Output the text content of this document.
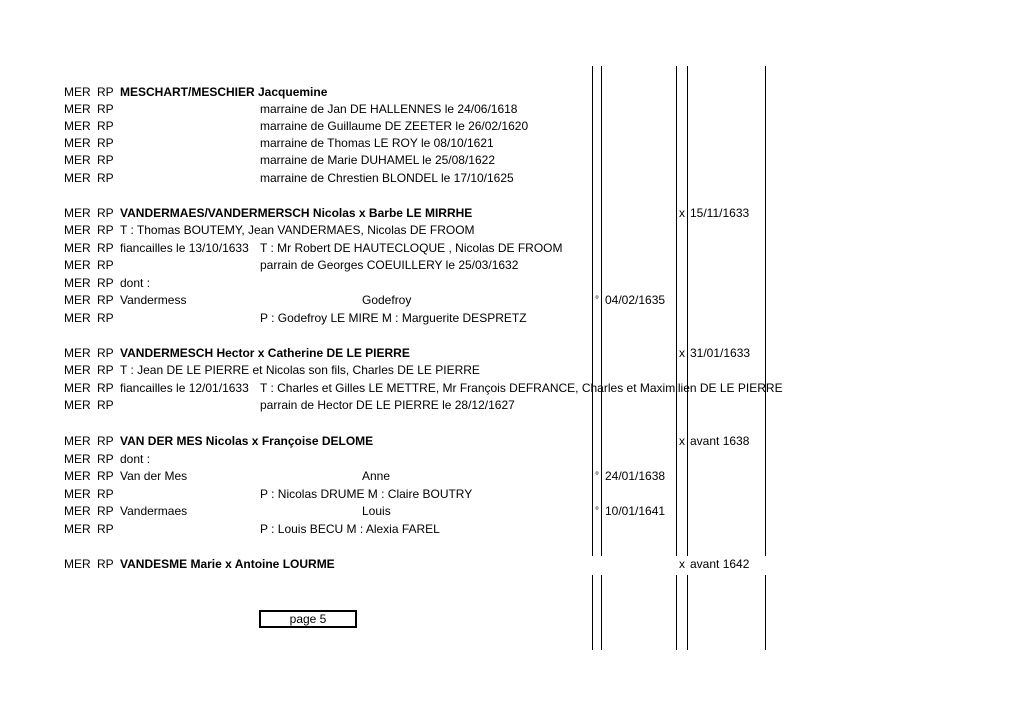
MER RP MESCHART/MESCHIER Jacquemine
MER RP	marraine de Jan DE HALLENNES le 24/06/1618
MER RP	marraine de Guillaume DE ZEETER le 26/02/1620
MER RP	marraine de Thomas LE ROY le 08/10/1621
MER RP	marraine de Marie DUHAMEL le 25/08/1622
MER RP	marraine de Chrestien BLONDEL le 17/10/1625
MER RP VANDERMAES/VANDERMERSCH Nicolas x Barbe LE MIRRHE	x 15/11/1633
MER RP T : Thomas BOUTEMY, Jean VANDERMAES, Nicolas DE FROOM
MER RP fiancailles le 13/10/1633 T : Mr Robert DE HAUTECLOQUE , Nicolas DE FROOM
MER RP	parrain de Georges COEUILLERY le 25/03/1632
MER RP dont :
MER RP Vandermess	Godefroy	° 04/02/1635
MER RP	P : Godefroy LE MIRE M : Marguerite DESPRETZ
MER RP VANDERMESCH Hector x Catherine DE LE PIERRE	x 31/01/1633
MER RP T : Jean DE LE PIERRE et Nicolas son fils, Charles DE LE PIERRE
MER RP fiancailles le 12/01/1633 T : Charles et Gilles LE METTRE, Mr François DEFRANCE, Charles et Maximilien DE LE PIERRE
MER RP	parrain de Hector DE LE PIERRE le 28/12/1627
MER RP VAN DER MES Nicolas x Françoise DELOME	x avant 1638
MER RP dont :
MER RP Van der Mes	Anne	° 24/01/1638
MER RP	P : Nicolas DRUME M : Claire BOUTRY
MER RP Vandermaes	Louis	° 10/01/1641
MER RP	P : Louis BECU M : Alexia FAREL
MER RP VANDESME Marie x Antoine LOURME	x avant 1642
page 5
